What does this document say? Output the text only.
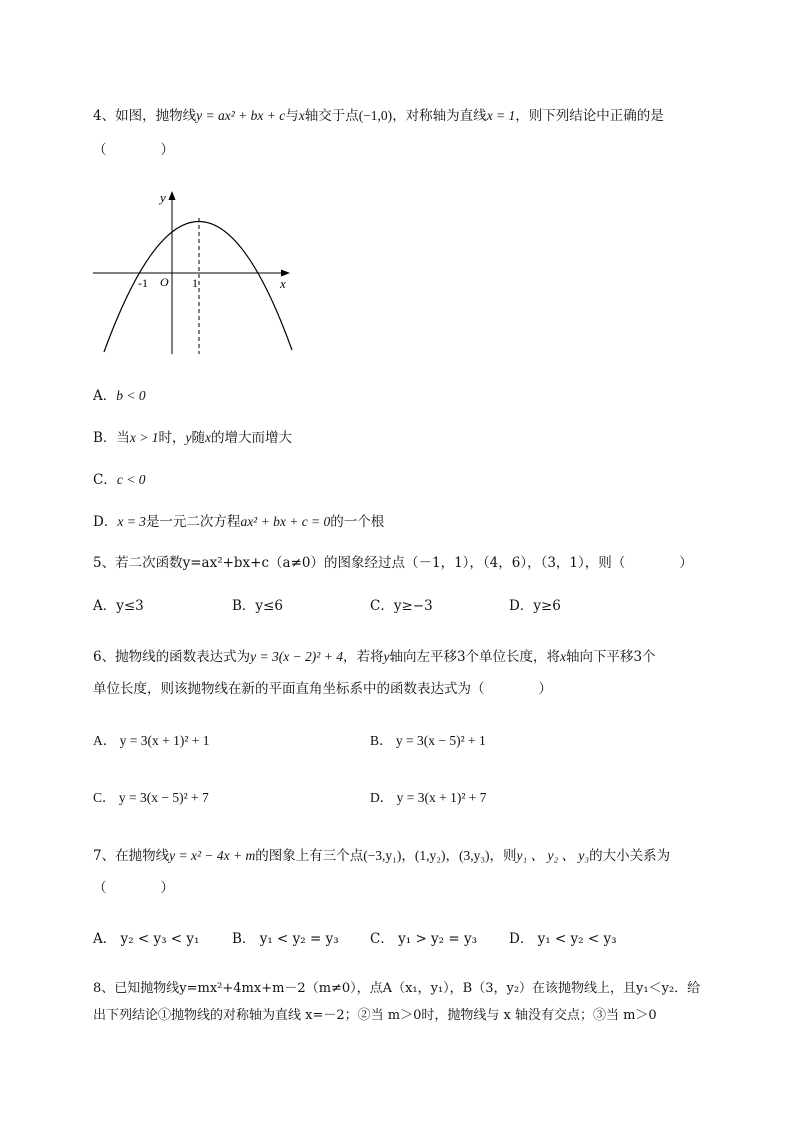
4、如图，抛物线y = ax² + bx + c与x轴交于点(−1,0)，对称轴为直线x = 1，则下列结论中正确的是
（　　　　）
y
x
O
-1	1
A．b < 0
B．当x > 1时，y随x的增大而增大
C．c < 0
D．x = 3是一元二次方程ax² + bx + c = 0的一个根
5、若二次函数y=ax²+bx+c（a≠0）的图象经过点（－1，1），（4，6），（3，1），则（　　　　）
A．y≤3	B．y≤6	C．y≥−3	D．y≥6
6、抛物线的函数表达式为y = 3(x − 2)² + 4，若将y轴向左平移3个单位长度，将x轴向下平移3个
单位长度，则该抛物线在新的平面直角坐标系中的函数表达式为（　　　　）
A． y = 3(x + 1)² + 1	B． y = 3(x − 5)² + 1
C． y = 3(x − 5)² + 7	D． y = 3(x + 1)² + 7
7、在抛物线y = x² − 4x + m的图象上有三个点(−3,y₁)，(1,y₂)，(3,y₃)，则y₁ 、 y₂ 、 y₃的大小关系为
（　　　　）
A． y₂ < y₃ < y₁ B． y₁ < y₂ = y₃ C． y₁ > y₂ = y₃ D． y₁ < y₂ < y₃
8、已知抛物线y=mx²+4mx+m－2（m≠0），点A（x₁，y₁），B（3，y₂）在该抛物线上，且y₁＜y₂．给
出下列结论①抛物线的对称轴为直线 x=－2；②当 m＞0时，抛物线与 x 轴没有交点；③当 m＞0
